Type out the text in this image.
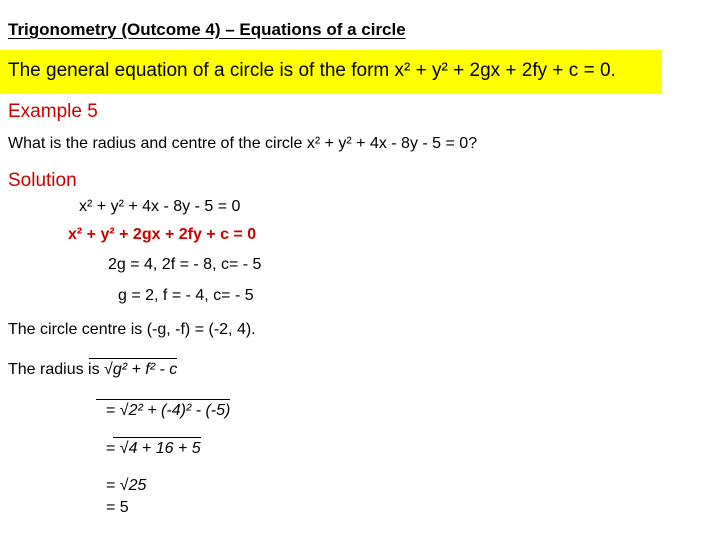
Trigonometry (Outcome 4) – Equations of a circle
The general equation of a circle is of the form x² + y² + 2gx + 2fy + c = 0.
Example 5
What is the radius and centre of the circle x² + y² + 4x - 8y - 5 = 0?
Solution
x² + y² + 4x - 8y - 5 = 0
x² + y² + 2gx + 2fy + c = 0
2g = 4, 2f = - 8, c= - 5
g = 2, f = - 4, c= - 5
The circle centre is (-g, -f) = (-2, 4).
The radius is √g² + f² - c
= √2² + (-4)² - (-5)
= √4 + 16 + 5
= √25
= 5
